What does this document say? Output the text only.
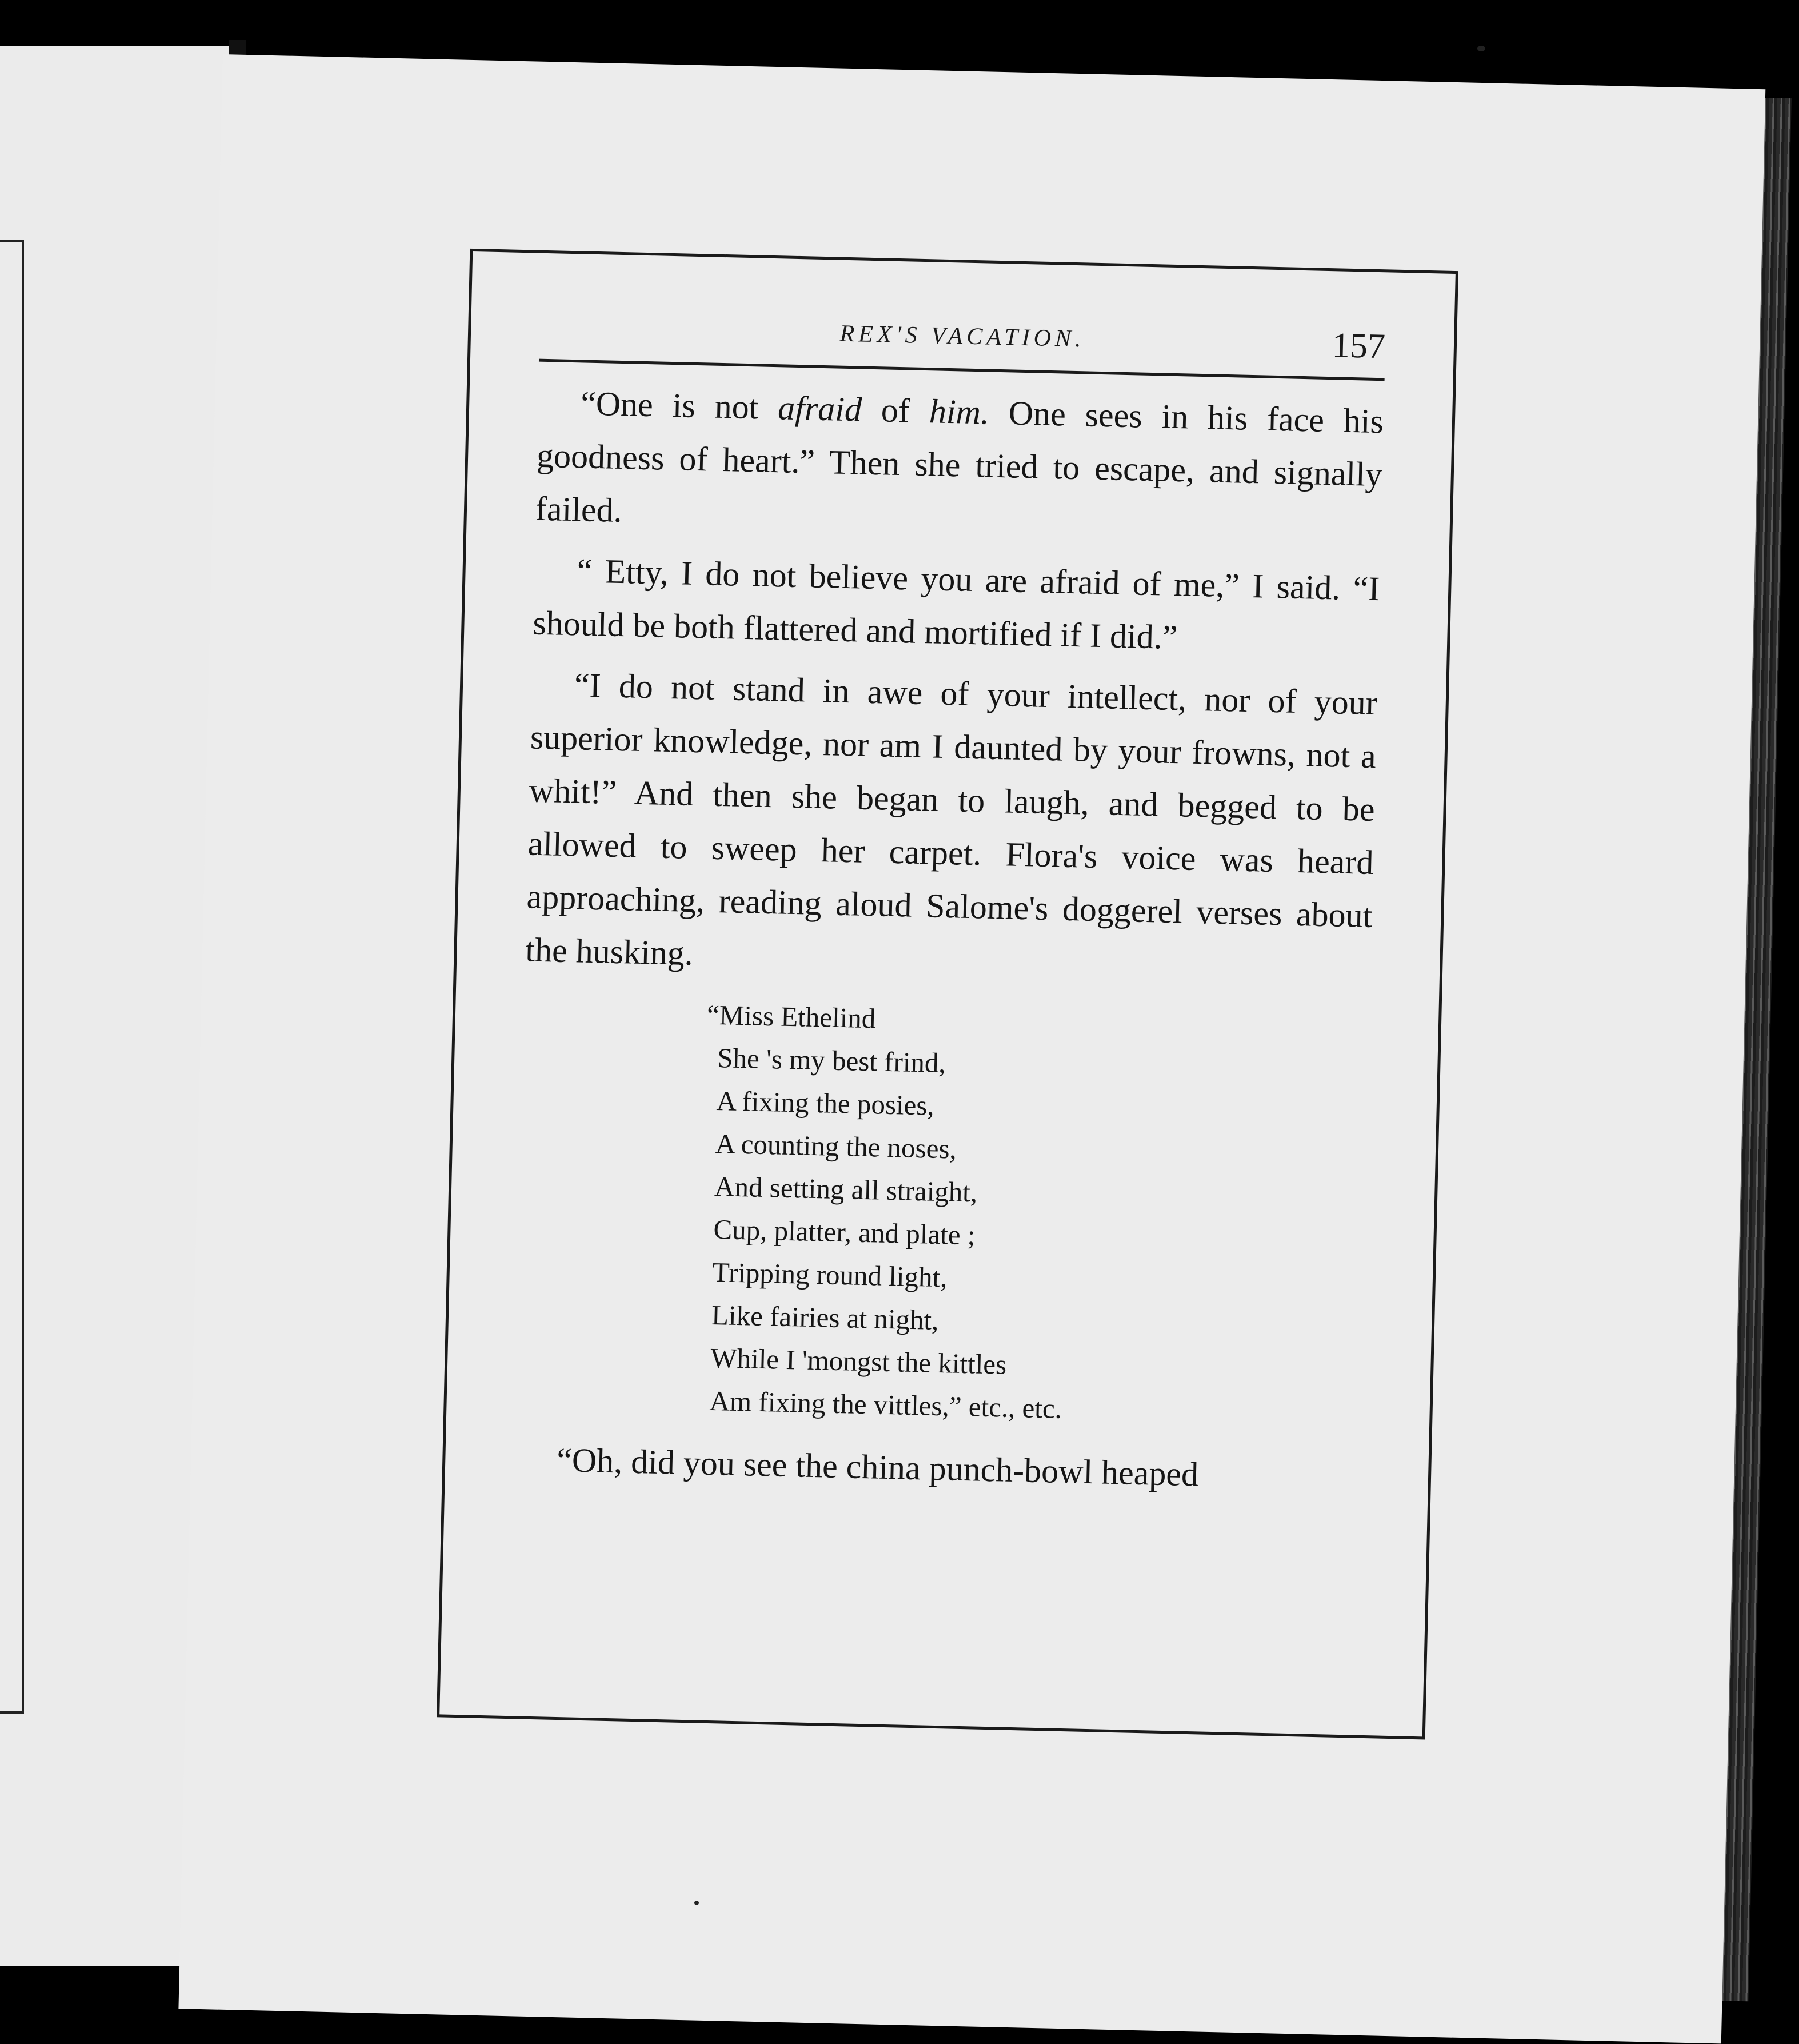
REX'S VACATION.	157

“One is not afraid of him. One sees in his face his goodness of heart.” Then she tried to escape, and signally failed.

“ Etty, I do not believe you are afraid of me,” I said. “I should be both flattered and mortified if I did.”

“I do not stand in awe of your intellect, nor of your superior knowledge, nor am I daunted by your frowns, not a whit!” And then she began to laugh, and begged to be allowed to sweep her carpet. Flora's voice was heard approaching, reading aloud Salome's doggerel verses about the husking.

“Miss Ethelind
She 's my best frind,
A fixing the posies,
A counting the noses,
And setting all straight,
Cup, platter, and plate ;
Tripping round light,
Like fairies at night,
While I 'mongst the kittles
Am fixing the vittles,” etc., etc.

“Oh, did you see the china punch-bowl heaped
